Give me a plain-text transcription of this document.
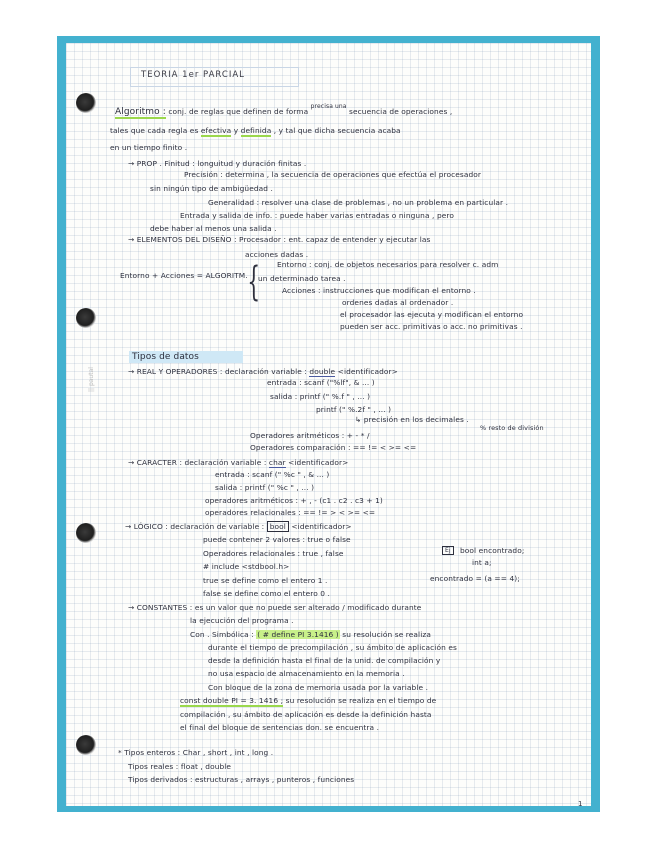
|| pautal
TEORIA 1er PARCIAL
Algoritmo : conj. de reglas que definen de forma $^{precisa una}$ secuencia de operaciones ,
tales que cada regla es efectiva y definida , y tal que dicha secuencia acaba
en un tiempo finito .
→ PROP . Finitud : longuitud y duración finitas .
Precisión : determina , la secuencia de operaciones que efectúa el procesador
sin ningún tipo de ambigüedad .
Generalidad : resolver una clase de problemas , no un problema en particular .
Entrada y salida de info. : puede haber varias entradas o ninguna , pero
debe haber al menos una salida .
→ ELEMENTOS DEL DISEÑO : Procesador : ent. capaz de entender y ejecutar las
acciones dadas .
Entorno + Acciones = ALGORITM. { Entorno : conj. de objetos necesarios para resolver c. adm
un determinado tarea .
Acciones : instrucciones que modifican el entorno .
ordenes dadas al ordenador .
el procesador las ejecuta y modifican el entorno
pueden ser acc. primitivas o acc. no primitivas .
Tipos de datos
→ REAL Y OPERADORES : declaración variable : double <identificador>
entrada : scanf ("%lf", & ... )
salida : printf (" %.f " , ... )
printf (" %.2f " , ... )
↳ precisión en los decimales .
% resto de división
Operadores aritméticos : + - * /
Operadores comparación : == != < >= <=
→ CARACTER : declaración variable : char <identificador>
entrada : scanf (" %c " , & ... )
salida : printf (" %c " , ... )
operadores aritméticos : + , - (c1 . c2 . c3 + 1)
operadores relacionales : == != > < >= <=
→ LÓGICO : declaración de variable : bool <identificador>
puede contener 2 valores : true o false
Operadores relacionales : true , false
# include <stdbool.h>
true se define como el entero 1 .
false se define como el entero 0 .
Ej	bool encontrado;
int a;
encontrado = (a == 4);
→ CONSTANTES : es un valor que no puede ser alterado / modificado durante
la ejecución del programa .
Con . Simbólica : ( # define PI 3.1416 ) su resolución se realiza
durante el tiempo de precompilación , su ámbito de aplicación es
desde la definición hasta el final de la unid. de compilación y
no usa espacio de almacenamiento en la memoria .
Con bloque de la zona de memoria usada por la variable .
const double PI = 3. 1416 ; su resolución se realiza en el tiempo de
compilación , su ámbito de aplicación es desde la definición hasta
el final del bloque de sentencias don. se encuentra .
* Tipos enteros : Char , short , int , long .
Tipos reales : float , double
Tipos derivados : estructuras , arrays , punteros , funciones
1
